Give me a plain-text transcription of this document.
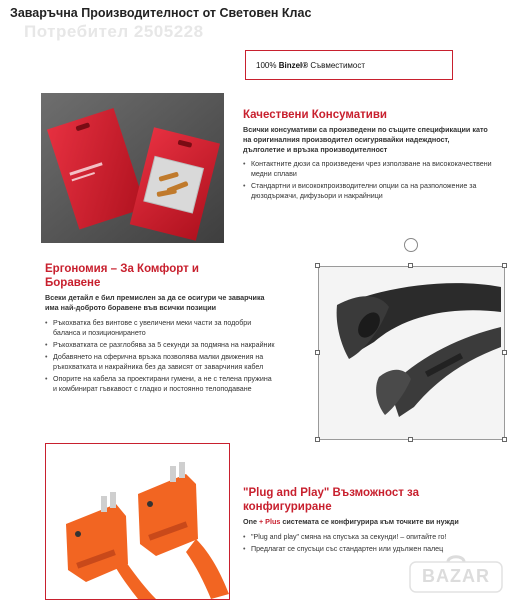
Заваръчна Производителност от Световен Клас
Потребител 2505228
100%
Binzel®
Съвместимост
Качествени Консумативи
Всички консумативи са произведени по същите спецификации като на оригиналния производител осигурявайки надеждност, дълголетие и връзка производителност
• Контактните дюзи са произведени чрез използване на висококачествени медни сплави
• Стандартни и висококпроизводителни опции са на разположение за дюзодържачи, дифузьори и накрайници
Ергономия – За Комфорт и Боравене
Всеки детайл е бил премислен за да се осигури че заварчика има най-доброто боравене във всички позиции
• Ръкохватка без винтове с увеличени меки части за подобри баланса и позиционирането
• Ръкохватката се разглобява за 5 секунди за подмяна на накрайник
• Добавянето на сферична връзка позволява малки движения на ръкохватката и накрайника без да зависят от заварчиния кабел
• Опорите на кабела за проектирани гумени, а не с телена пружина и комбинират гъвкавост с гладко и постоянно телоподаване
"Plug and Play" Възможност за конфигуриране
One + Plus системата се конфигурира към точките ви нужди
• "Plug and play" смяна на спусъка за секунди! – опитайте го!
• Предлагат се спусъци със стандартен или удължен палец
BAZAR
